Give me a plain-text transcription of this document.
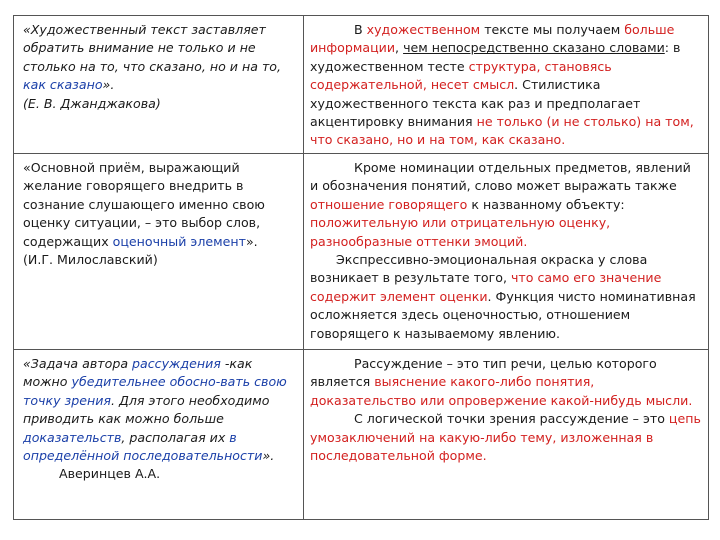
«Художественный текст заставляет обратить внимание не только и не столько на то, что сказано, но и на то, как сказано».

(Е. В. Джанджакова)

В художественном тексте мы получаем больше информации, чем непосредственно сказано словами: в художественном тесте структура, становясь содержательной, несет смысл. Стилистика художественного текста как раз и предполагает акцентировку внимания не только (и не столько) на том, что сказано, но и на том, как сказано.

«Основной приём, выражающий желание говорящего внедрить в сознание слушающего именно свою оценку ситуации, – это выбор слов, содержащих оценочный элемент».

(И.Г. Милославский)

Кроме номинации отдельных предметов, явлений и обозначения понятий, слово может выражать также отношение говорящего к названному объекту: положительную или отрицательную оценку, разнообразные оттенки эмоций.

Экспрессивно-эмоциональная окраска у слова возникает в результате того, что само его значение содержит элемент оценки. Функция чисто номинативная осложняется здесь оценочностью, отношением говорящего к называемому явлению.

«Задача автора рассуждения -как можно убедительнее обосно-вать свою точку зрения. Для этого необходимо приводить как можно больше доказательств, располагая их в определённой последовательности».

Аверинцев А.А.

Рассуждение – это тип речи, целью которого является выяснение какого-либо понятия, доказательство или опровержение какой-нибудь мысли.

С логической точки зрения рассуждение – это цепь умозаключений на какую-либо тему, изложенная в последовательной форме.
